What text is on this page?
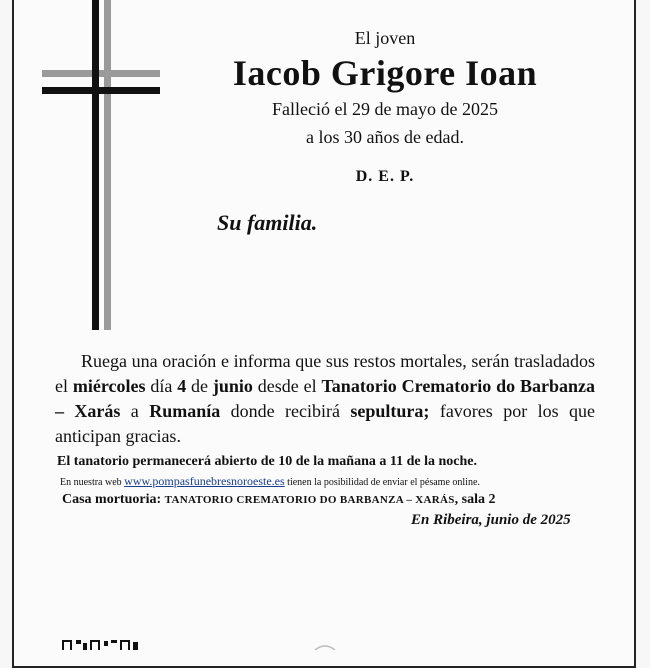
El joven
Iacob Grigore Ioan
Falleció el 29 de mayo de 2025
a los 30 años de edad.
D. E. P.
Su familia.
Ruega una oración e informa que sus restos mortales, serán trasladados el miércoles día 4 de junio desde el Tanatorio Crematorio do Barbanza – Xarás a Rumanía donde recibirá sepultura; favores por los que anticipan gracias.
El tanatorio permanecerá abierto de 10 de la mañana a 11 de la noche.
En nuestra web www.pompasfunebresnoroeste.es tienen la posibilidad de enviar el pésame online.
Casa mortuoria: TANATORIO CREMATORIO DO BARBANZA – XARÁS, sala 2
En Ribeira, junio de 2025
